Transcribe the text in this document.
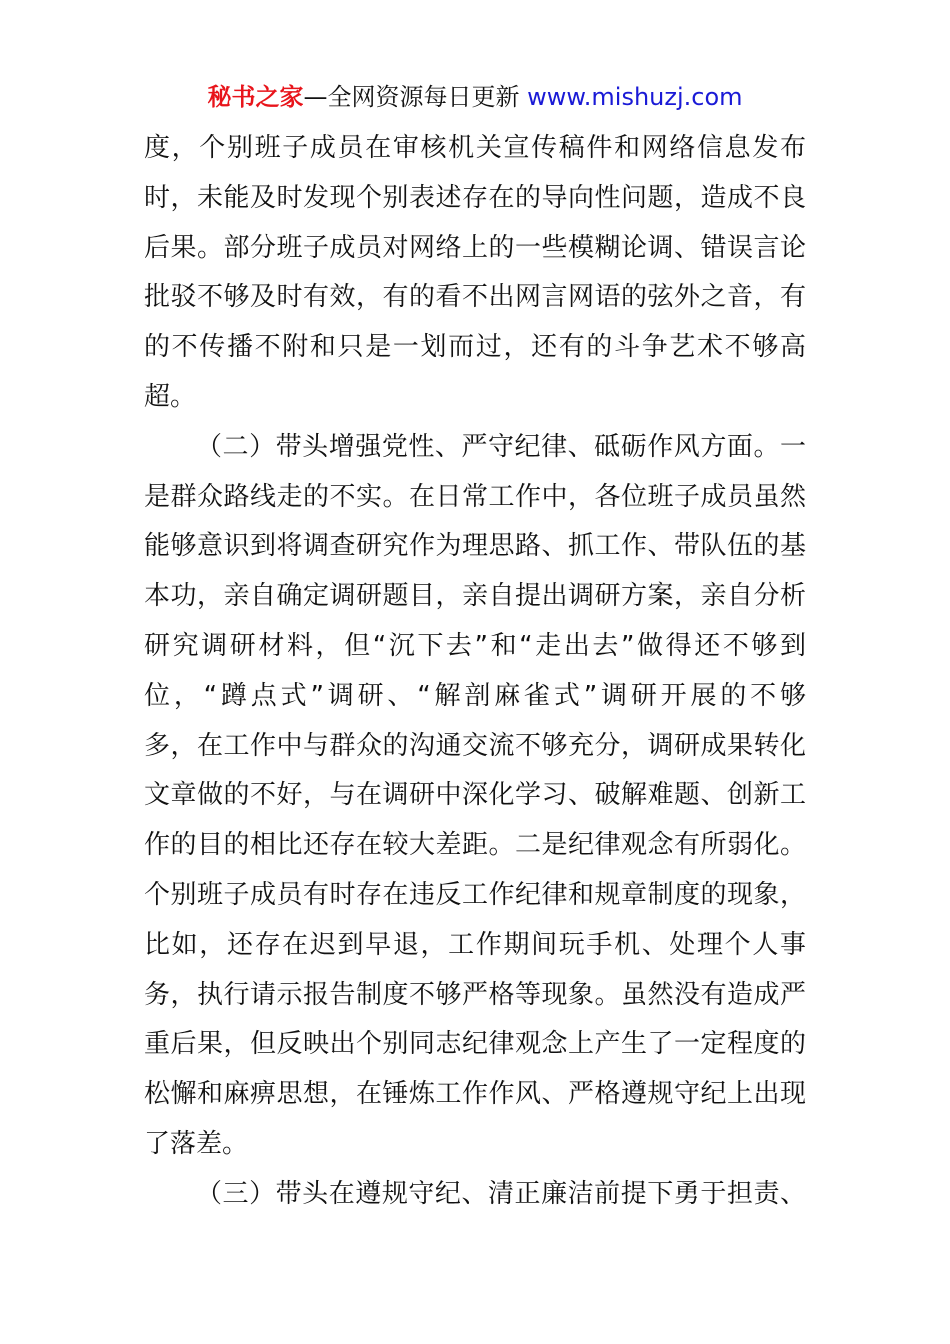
秘书之家—全网资源每日更新 www.mishuzj.com
度，个别班子成员在审核机关宣传稿件和网络信息发布
时，未能及时发现个别表述存在的导向性问题，造成不良
后果。部分班子成员对网络上的一些模糊论调、错误言论
批驳不够及时有效，有的看不出网言网语的弦外之音，有
的不传播不附和只是一划而过，还有的斗争艺术不够高
超。
（二）带头增强党性、严守纪律、砥砺作风方面。一
是群众路线走的不实。在日常工作中，各位班子成员虽然
能够意识到将调查研究作为理思路、抓工作、带队伍的基
本功，亲自确定调研题目，亲自提出调研方案，亲自分析
研究调研材料，但“沉下去”和“走出去”做得还不够到
位，“蹲点式”调研、“解剖麻雀式”调研开展的不够
多，在工作中与群众的沟通交流不够充分，调研成果转化
文章做的不好，与在调研中深化学习、破解难题、创新工
作的目的相比还存在较大差距。二是纪律观念有所弱化。
个别班子成员有时存在违反工作纪律和规章制度的现象，
比如，还存在迟到早退，工作期间玩手机、处理个人事
务，执行请示报告制度不够严格等现象。虽然没有造成严
重后果，但反映出个别同志纪律观念上产生了一定程度的
松懈和麻痹思想，在锤炼工作作风、严格遵规守纪上出现
了落差。
（三）带头在遵规守纪、清正廉洁前提下勇于担责、
